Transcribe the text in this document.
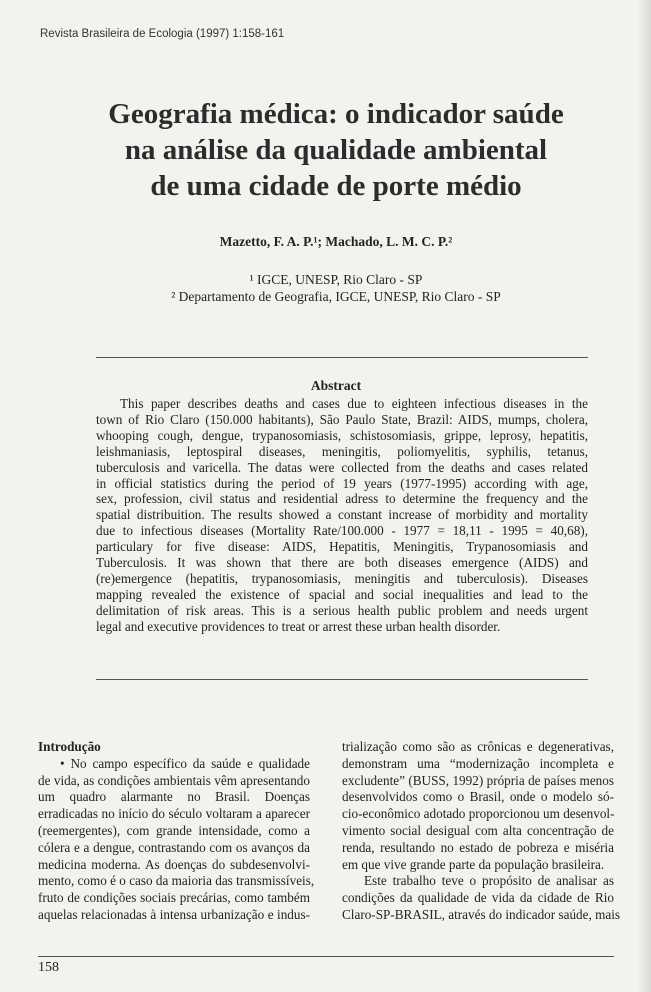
Revista Brasileira de Ecologia (1997) 1:158-161
Geografia médica: o indicador saúde
na análise da qualidade ambiental
de uma cidade de porte médio
Mazetto, F. A. P.¹; Machado, L. M. C. P.²
¹ IGCE, UNESP, Rio Claro - SP
² Departamento de Geografia, IGCE, UNESP, Rio Claro - SP
Abstract
This paper describes deaths and cases due to eighteen infectious diseases in the
town of Rio Claro (150.000 habitants), São Paulo State, Brazil: AIDS, mumps, cholera,
whooping cough, dengue, trypanosomiasis, schistosomiasis, grippe, leprosy, hepatitis,
leishmaniasis, leptospiral diseases, meningitis, poliomyelitis, syphilis, tetanus,
tuberculosis and varicella. The datas were collected from the deaths and cases related
in official statistics during the period of 19 years (1977-1995) according with age,
sex, profession, civil status and residential adress to determine the frequency and the
spatial distribuition. The results showed a constant increase of morbidity and mortality
due to infectious diseases (Mortality Rate/100.000 - 1977 = 18,11 - 1995 = 40,68),
particulary for five disease: AIDS, Hepatitis, Meningitis, Trypanosomiasis and
Tuberculosis. It was shown that there are both diseases emergence (AIDS) and
(re)emergence (hepatitis, trypanosomiasis, meningitis and tuberculosis). Diseases
mapping revealed the existence of spacial and social inequalities and lead to the
delimitation of risk areas. This is a serious health public problem and needs urgent
legal and executive providences to treat or arrest these urban health disorder.
Introdução
• No campo específico da saúde e qualidade
de vida, as condições ambientais vêm apresentando
um quadro alarmante no Brasil. Doenças
erradicadas no início do século voltaram a aparecer
(reemergentes), com grande intensidade, como a
cólera e a dengue, contrastando com os avanços da
medicina moderna. As doenças do subdesenvolvi-
mento, como é o caso da maioria das transmissíveis,
fruto de condições sociais precárias, como também
aquelas relacionadas à intensa urbanização e indus-
trialização como são as crônicas e degenerativas,
demonstram uma “modernização incompleta e
excludente” (BUSS, 1992) própria de países menos
desenvolvidos como o Brasil, onde o modelo só-
cio-econômico adotado proporcionou um desenvol-
vimento social desigual com alta concentração de
renda, resultando no estado de pobreza e miséria
em que vive grande parte da população brasileira.
Este trabalho teve o propósito de analisar as
condições da qualidade de vida da cidade de Rio
Claro-SP-BRASIL, através do indicador saúde, mais
158
